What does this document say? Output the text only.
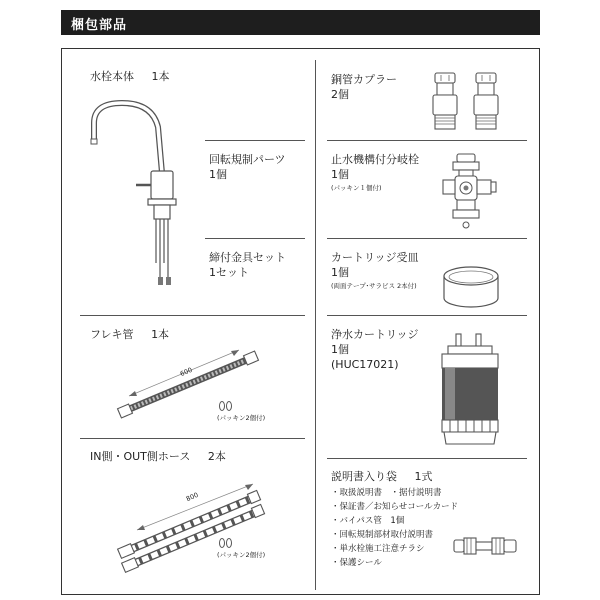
梱包部品
水栓本体 1本
回転規制パーツ
1個
締付金具セット
1セット
銅管カプラー
2個
止水機構付分岐栓
1個
(パッキン１個付)
カートリッジ受皿
1個
(両面テープ･サラビス 2本付)
浄水カートリッジ
1個
(HUC17021)
フレキ管 1本
600
(パッキン2個付)
IN側・OUT側ホース 2本
800
(パッキン2個付)
説明書入り袋 1式
・取扱説明書　・据付説明書
・保証書／お知らせコールカード
・バイパス管　1個
・回転規制部材取付説明書
・単水栓施工注意チラシ
・保護シール
